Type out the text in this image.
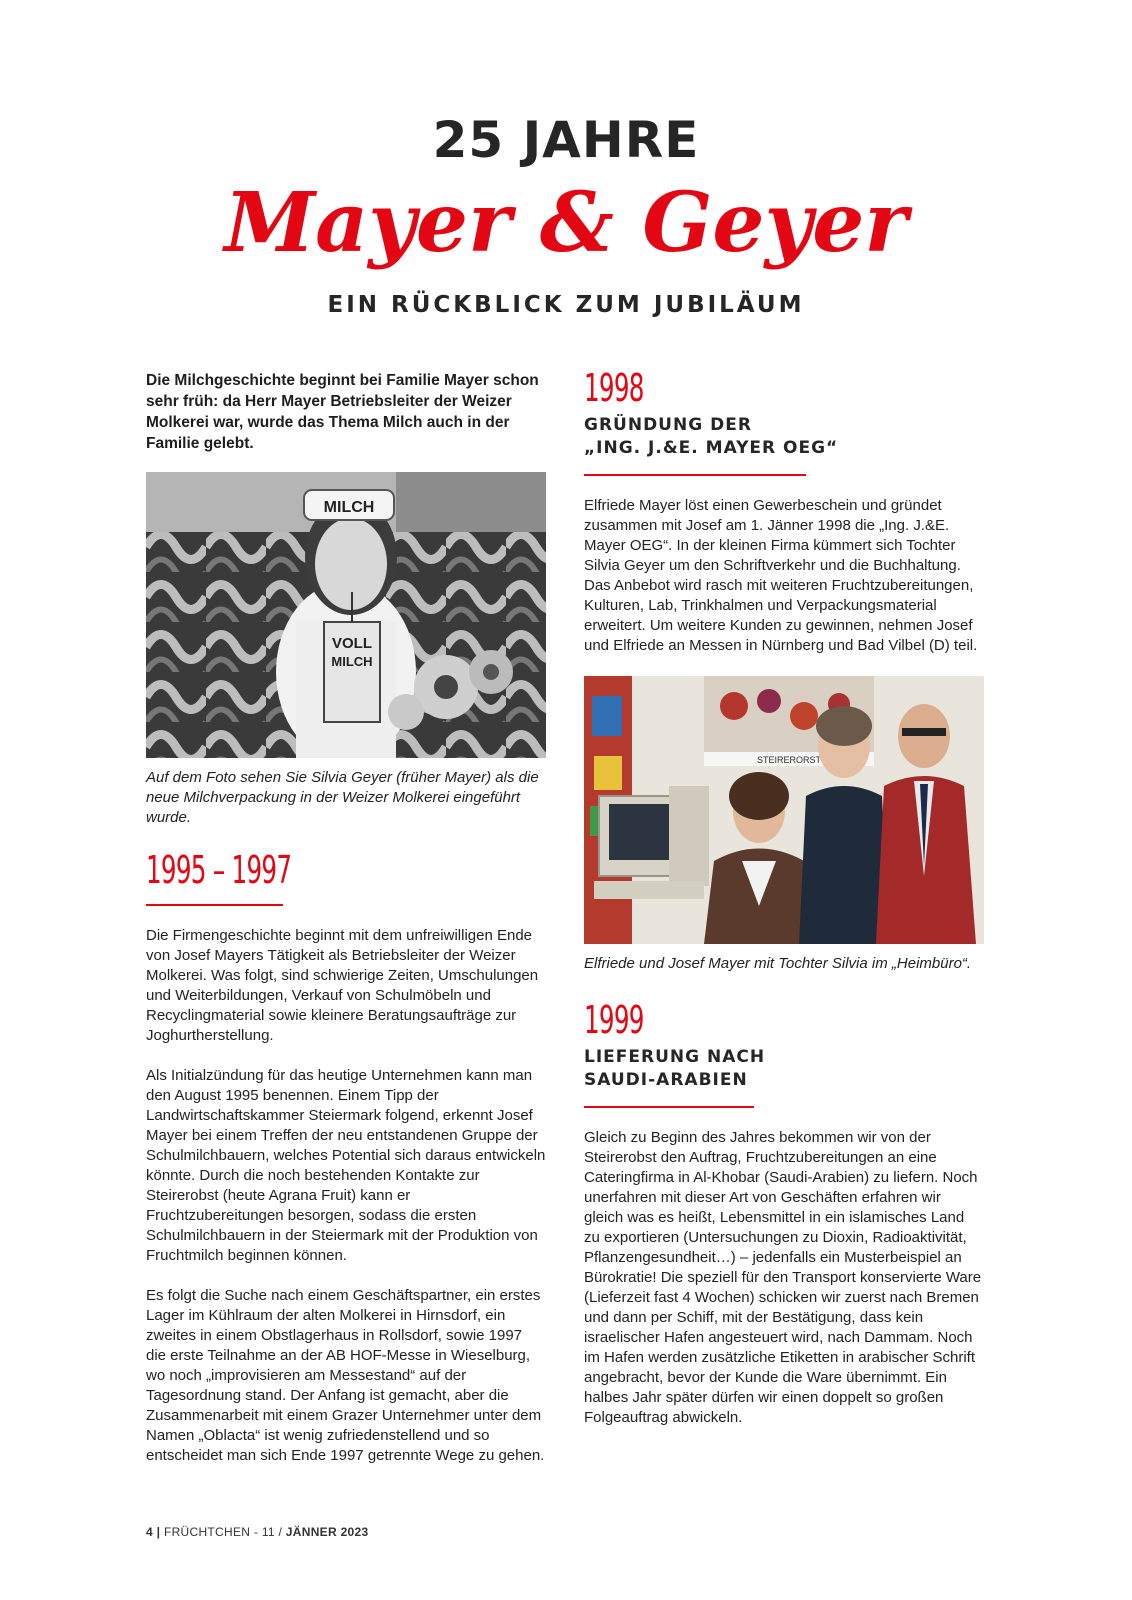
25 JAHRE
Mayer & Geyer
EIN RÜCKBLICK ZUM JUBILÄUM

Die Milchgeschichte beginnt bei Familie Mayer schon sehr früh: da Herr Mayer Betriebsleiter der Weizer Molkerei war, wurde das Thema Milch auch in der Familie gelebt.

MILCH
VOLL
MILCH

Auf dem Foto sehen Sie Silvia Geyer (früher Mayer) als die neue Milchverpackung in der Weizer Molkerei eingeführt wurde.

1995 – 1997

Die Firmengeschichte beginnt mit dem unfreiwilligen Ende von Josef Mayers Tätigkeit als Betriebsleiter der Weizer Molkerei. Was folgt, sind schwierige Zeiten, Umschulungen und Weiterbildungen, Verkauf von Schulmöbeln und Recyclingmaterial sowie kleinere Beratungsaufträge zur Joghurtherstellung.

Als Initialzündung für das heutige Unternehmen kann man den August 1995 benennen. Einem Tipp der Landwirtschaftskammer Steiermark folgend, erkennt Josef Mayer bei einem Treffen der neu entstandenen Gruppe der Schulmilchbauern, welches Potential sich daraus entwickeln könnte. Durch die noch bestehenden Kontakte zur Steirerobst (heute Agrana Fruit) kann er Fruchtzubereitungen besorgen, sodass die ersten Schulmilchbauern in der Steiermark mit der Produktion von Fruchtmilch beginnen können.

Es folgt die Suche nach einem Geschäftspartner, ein erstes Lager im Kühlraum der alten Molkerei in Hirnsdorf, ein zweites in einem Obstlagerhaus in Rollsdorf, sowie 1997 die erste Teilnahme an der AB HOF-Messe in Wieselburg, wo noch „improvisieren am Messestand“ auf der Tagesordnung stand. Der Anfang ist gemacht, aber die Zusammenarbeit mit einem Grazer Unternehmer unter dem Namen „Oblacta“ ist wenig zufriedenstellend und so entscheidet man sich Ende 1997 getrennte Wege zu gehen.

1998
GRÜNDUNG DER
„ING. J.&E. MAYER OEG“

Elfriede Mayer löst einen Gewerbeschein und gründet zusammen mit Josef am 1. Jänner 1998 die „Ing. J.&E. Mayer OEG“. In der kleinen Firma kümmert sich Tochter Silvia Geyer um den Schriftverkehr und die Buchhaltung. Das Anbebot wird rasch mit weiteren Fruchtzubereitungen, Kulturen, Lab, Trinkhalmen und Verpackungsmaterial erweitert. Um weitere Kunden zu gewinnen, nehmen Josef und Elfriede an Messen in Nürnberg und Bad Vilbel (D) teil.

STEIRERORST

Elfriede und Josef Mayer mit Tochter Silvia im „Heimbüro“.

1999
LIEFERUNG NACH
SAUDI-ARABIEN

Gleich zu Beginn des Jahres bekommen wir von der Steirerobst den Auftrag, Fruchtzubereitungen an eine Cateringfirma in Al-Khobar (Saudi-Arabien) zu liefern. Noch unerfahren mit dieser Art von Geschäften erfahren wir gleich was es heißt, Lebensmittel in ein islamisches Land zu exportieren (Untersuchungen zu Dioxin, Radioaktivität, Pflanzengesundheit…) – jedenfalls ein Musterbeispiel an Bürokratie! Die speziell für den Transport konservierte Ware (Lieferzeit fast 4 Wochen) schicken wir zuerst nach Bremen und dann per Schiff, mit der Bestätigung, dass kein israelischer Hafen angesteuert wird, nach Dammam. Noch im Hafen werden zusätzliche Etiketten in arabischer Schrift angebracht, bevor der Kunde die Ware übernimmt. Ein halbes Jahr später dürfen wir einen doppelt so großen Folgeauftrag abwickeln.

4 | FRÜCHTCHEN - 11 / JÄNNER 2023
